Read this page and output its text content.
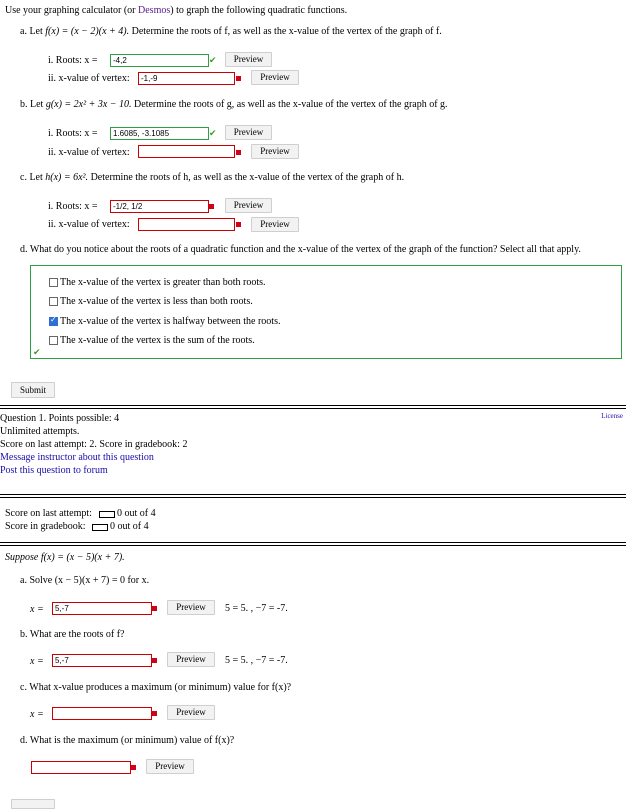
Use your graphing calculator (or Desmos) to graph the following quadratic functions.
a. Let f(x) = (x − 2)(x + 4). Determine the roots of f, as well as the x-value of the vertex of the graph of f.
i. Roots: x =	-4,2	✔	Preview
ii. x-value of vertex:	-1,-9	Preview
b. Let g(x) = 2x² + 3x − 10. Determine the roots of g, as well as the x-value of the vertex of the graph of g.
i. Roots: x =	1.6085, -3.1085	✔	Preview
ii. x-value of vertex:	Preview
c. Let h(x) = 6x². Determine the roots of h, as well as the x-value of the vertex of the graph of h.
i. Roots: x =	-1/2, 1/2	Preview
ii. x-value of vertex:	Preview
d. What do you notice about the roots of a quadratic function and the x-value of the vertex of the graph of the function? Select all that apply.
The x-value of the vertex is greater than both roots.
The x-value of the vertex is less than both roots.
✓
The x-value of the vertex is halfway between the roots.
The x-value of the vertex is the sum of the roots.
✔
Submit
License
Question 1. Points possible: 4
Unlimited attempts.
Score on last attempt: 2. Score in gradebook: 2
Message instructor about this question
Post this question to forum
Score on last attempt:	0 out of 4
Score in gradebook: 0 out of 4
Suppose f(x) = (x − 5)(x + 7).
a. Solve (x − 5)(x + 7) = 0 for x.
x =	5,-7	Preview	5 = 5. , −7 = -7.
b. What are the roots of f?
x =	5,-7	Preview	5 = 5. , −7 = -7.
c. What x-value produces a maximum (or minimum) value for f(x)?
x =	Preview
d. What is the maximum (or minimum) value of f(x)?
Preview
